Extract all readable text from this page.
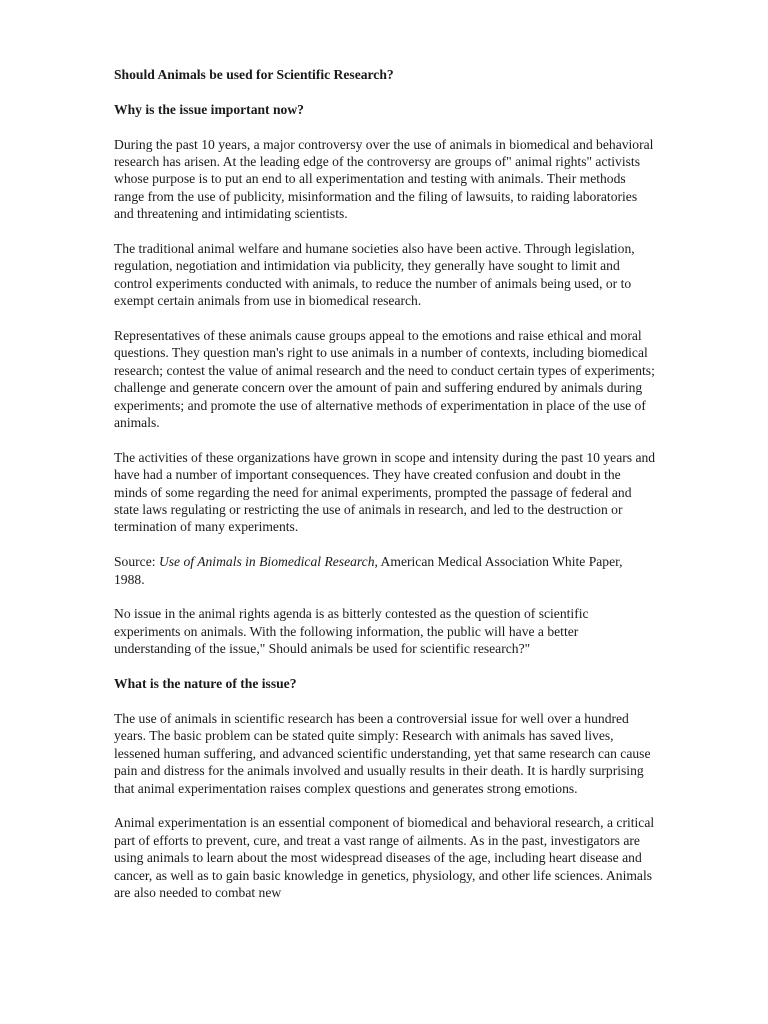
Should Animals be used for Scientific Research?

Why is the issue important now?

During the past 10 years, a major controversy over the use of animals in biomedical and behavioral research has arisen. At the leading edge of the controversy are groups of" animal rights" activists whose purpose is to put an end to all experimentation and testing with animals. Their methods range from the use of publicity, misinformation and the filing of lawsuits, to raiding laboratories and threatening and intimidating scientists.

The traditional animal welfare and humane societies also have been active. Through legislation, regulation, negotiation and intimidation via publicity, they generally have sought to limit and control experiments conducted with animals, to reduce the number of animals being used, or to exempt certain animals from use in biomedical research.

Representatives of these animals cause groups appeal to the emotions and raise ethical and moral questions. They question man's right to use animals in a number of contexts, including biomedical research; contest the value of animal research and the need to conduct certain types of experiments; challenge and generate concern over the amount of pain and suffering endured by animals during experiments; and promote the use of alternative methods of experimentation in place of the use of animals.

The activities of these organizations have grown in scope and intensity during the past 10 years and have had a number of important consequences. They have created confusion and doubt in the minds of some regarding the need for animal experiments, prompted the passage of federal and state laws regulating or restricting the use of animals in research, and led to the destruction or termination of many experiments.

Source: Use of Animals in Biomedical Research, American Medical Association White Paper, 1988.

No issue in the animal rights agenda is as bitterly contested as the question of scientific experiments on animals. With the following information, the public will have a better understanding of the issue," Should animals be used for scientific research?"

What is the nature of the issue?

The use of animals in scientific research has been a controversial issue for well over a hundred years. The basic problem can be stated quite simply: Research with animals has saved lives, lessened human suffering, and advanced scientific understanding, yet that same research can cause pain and distress for the animals involved and usually results in their death. It is hardly surprising that animal experimentation raises complex questions and generates strong emotions.

Animal experimentation is an essential component of biomedical and behavioral research, a critical part of efforts to prevent, cure, and treat a vast range of ailments. As in the past, investigators are using animals to learn about the most widespread diseases of the age, including heart disease and cancer, as well as to gain basic knowledge in genetics, physiology, and other life sciences. Animals are also needed to combat new
